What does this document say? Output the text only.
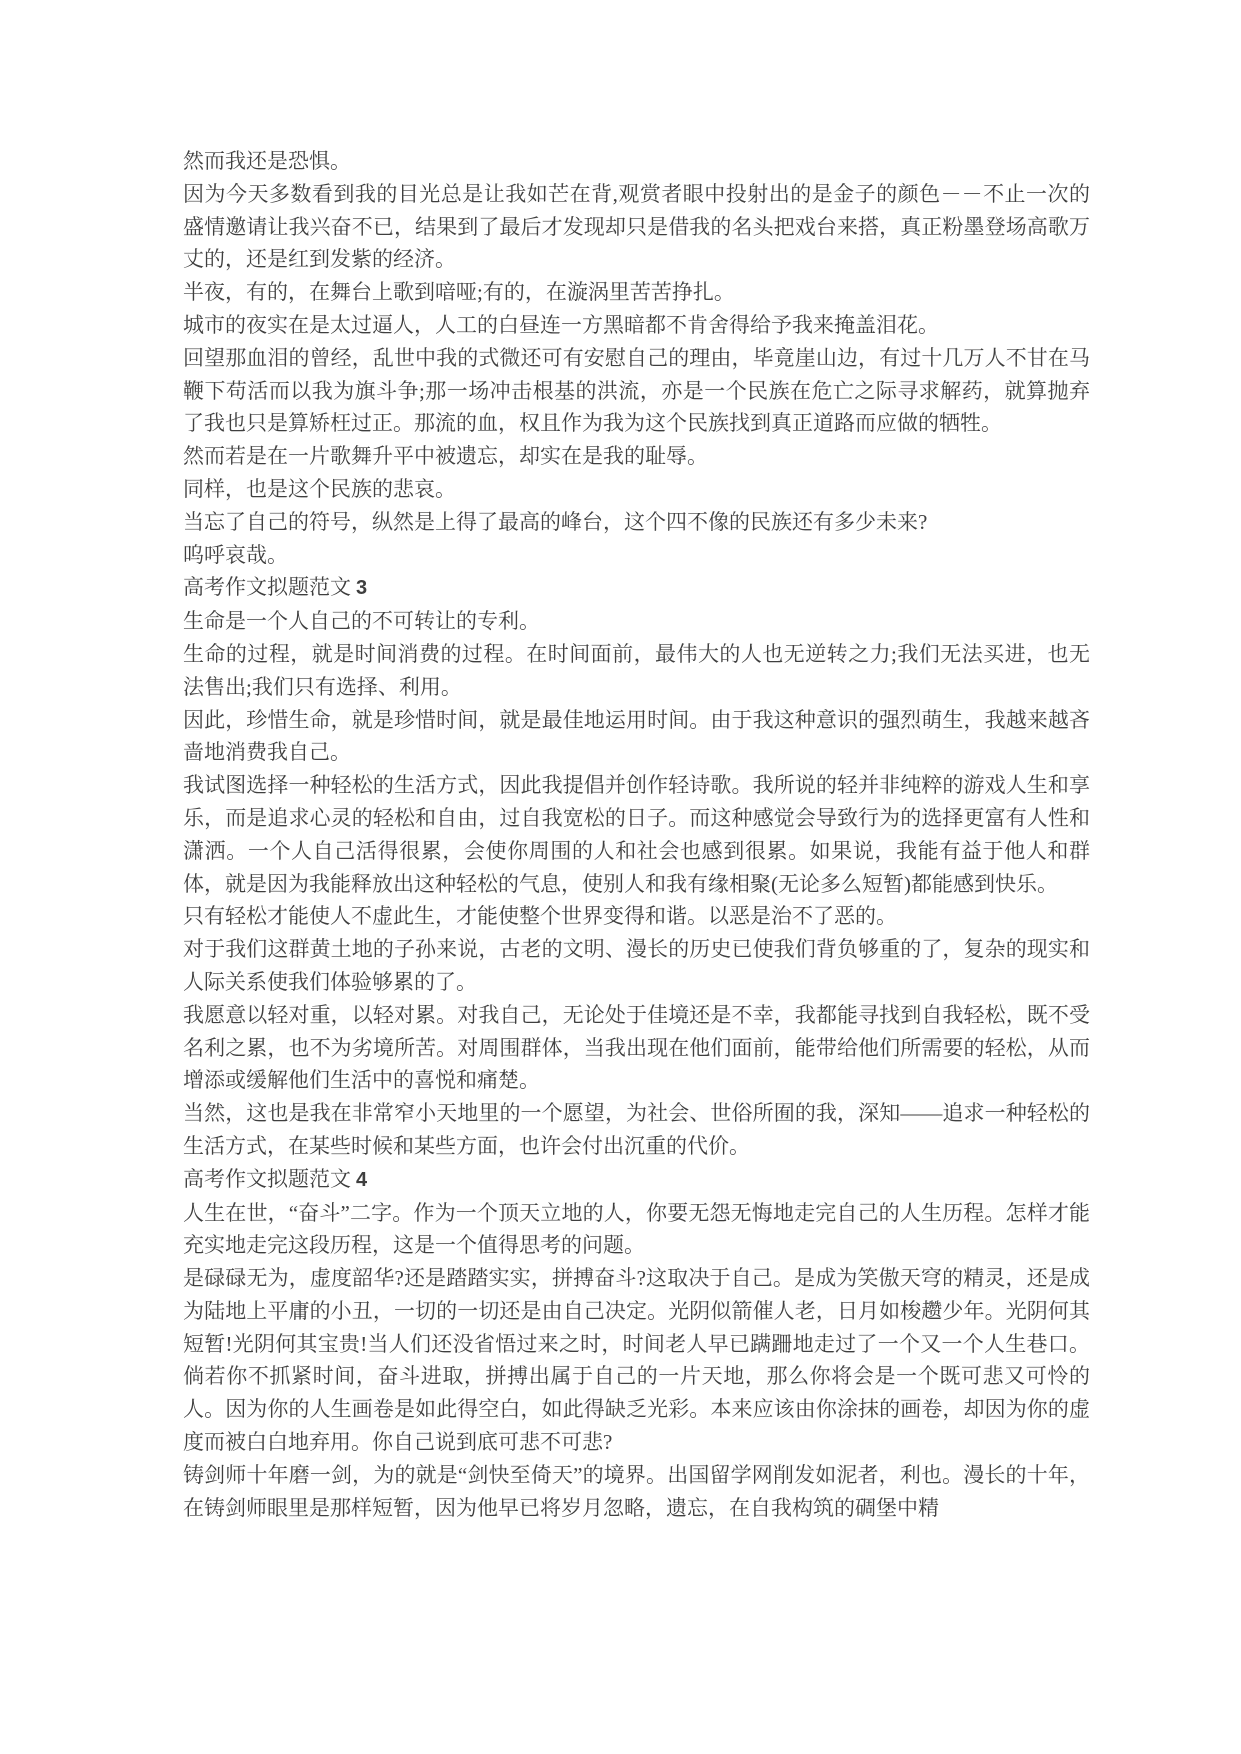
然而我还是恐惧。

因为今天多数看到我的目光总是让我如芒在背,观赏者眼中投射出的是金子的颜色－－不止一次的盛情邀请让我兴奋不已，结果到了最后才发现却只是借我的名头把戏台来搭，真正粉墨登场高歌万丈的，还是红到发紫的经济。

半夜，有的，在舞台上歌到喑哑;有的，在漩涡里苦苦挣扎。

城市的夜实在是太过逼人，人工的白昼连一方黑暗都不肯舍得给予我来掩盖泪花。

回望那血泪的曾经，乱世中我的式微还可有安慰自己的理由，毕竟崖山边，有过十几万人不甘在马鞭下苟活而以我为旗斗争;那一场冲击根基的洪流，亦是一个民族在危亡之际寻求解药，就算抛弃了我也只是算矫枉过正。那流的血，权且作为我为这个民族找到真正道路而应做的牺牲。

然而若是在一片歌舞升平中被遗忘，却实在是我的耻辱。

同样，也是这个民族的悲哀。

当忘了自己的符号，纵然是上得了最高的峰台，这个四不像的民族还有多少未来?

呜呼哀哉。

高考作文拟题范文 3

生命是一个人自己的不可转让的专利。

生命的过程，就是时间消费的过程。在时间面前，最伟大的人也无逆转之力;我们无法买进，也无法售出;我们只有选择、利用。

因此，珍惜生命，就是珍惜时间，就是最佳地运用时间。由于我这种意识的强烈萌生，我越来越吝啬地消费我自己。

我试图选择一种轻松的生活方式，因此我提倡并创作轻诗歌。我所说的轻并非纯粹的游戏人生和享乐，而是追求心灵的轻松和自由，过自我宽松的日子。而这种感觉会导致行为的选择更富有人性和潇洒。一个人自己活得很累，会使你周围的人和社会也感到很累。如果说，我能有益于他人和群体，就是因为我能释放出这种轻松的气息，使别人和我有缘相聚(无论多么短暂)都能感到快乐。

只有轻松才能使人不虚此生，才能使整个世界变得和谐。以恶是治不了恶的。

对于我们这群黄土地的子孙来说，古老的文明、漫长的历史已使我们背负够重的了，复杂的现实和人际关系使我们体验够累的了。

我愿意以轻对重，以轻对累。对我自己，无论处于佳境还是不幸，我都能寻找到自我轻松，既不受名利之累，也不为劣境所苦。对周围群体，当我出现在他们面前，能带给他们所需要的轻松，从而增添或缓解他们生活中的喜悦和痛楚。

当然，这也是我在非常窄小天地里的一个愿望，为社会、世俗所囿的我，深知——追求一种轻松的生活方式，在某些时候和某些方面，也许会付出沉重的代价。

高考作文拟题范文 4

人生在世，“奋斗”二字。作为一个顶天立地的人，你要无怨无悔地走完自己的人生历程。怎样才能充实地走完这段历程，这是一个值得思考的问题。

是碌碌无为，虚度韶华?还是踏踏实实，拼搏奋斗?这取决于自己。是成为笑傲天穹的精灵，还是成为陆地上平庸的小丑，一切的一切还是由自己决定。光阴似箭催人老，日月如梭趱少年。光阴何其短暂!光阴何其宝贵!当人们还没省悟过来之时，时间老人早已蹒跚地走过了一个又一个人生巷口。倘若你不抓紧时间，奋斗进取，拼搏出属于自己的一片天地，那么你将会是一个既可悲又可怜的人。因为你的人生画卷是如此得空白，如此得缺乏光彩。本来应该由你涂抹的画卷，却因为你的虚度而被白白地弃用。你自己说到底可悲不可悲?

铸剑师十年磨一剑，为的就是“剑快至倚天”的境界。出国留学网削发如泥者，利也。漫长的十年，在铸剑师眼里是那样短暂，因为他早已将岁月忽略，遗忘，在自我构筑的碉堡中精
